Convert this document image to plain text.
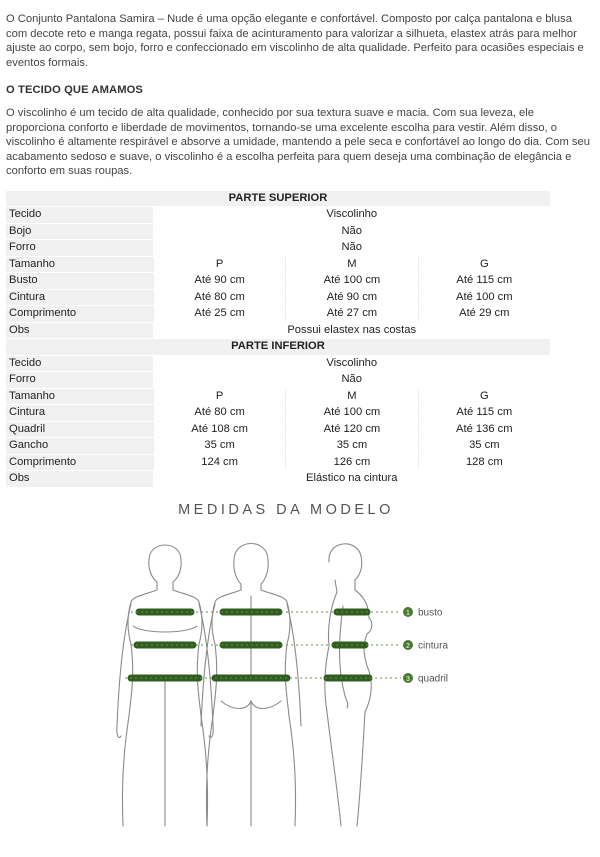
O Conjunto Pantalona Samira – Nude é uma opção elegante e confortável. Composto por calça pantalona e blusa com decote reto e manga regata, possui faixa de acinturamento para valorizar a silhueta, elastex atrás para melhor ajuste ao corpo, sem bojo, forro e confeccionado em viscolinho de alta qualidade. Perfeito para ocasiões especiais e eventos formais.

O TECIDO QUE AMAMOS

O viscolinho é um tecido de alta qualidade, conhecido por sua textura suave e macia. Com sua leveza, ele proporciona conforto e liberdade de movimentos, tornando-se uma excelente escolha para vestir. Além disso, o viscolinho é altamente respirável e absorve a umidade, mantendo a pele seca e confortável ao longo do dia. Com seu acabamento sedoso e suave, o viscolinho é a escolha perfeita para quem deseja uma combinação de elegância e conforto em suas roupas.

PARTE SUPERIOR			
Tecido	Viscolinho		
Bojo	Não		
Forro	Não		
Tamanho	P	M	G
Busto	Até 90 cm	Até 100 cm	Até 115 cm
Cintura	Até 80 cm	Até 90 cm	Até 100 cm
Comprimento	Até 25 cm	Até 27 cm	Até 29 cm
Obs	Possui elastex nas costas		
PARTE INFERIOR			
Tecido	Viscolinho		
Forro	Não		
Tamanho	P	M	G
Cintura	Até 80 cm	Até 100 cm	Até 115 cm
Quadril	Até 108 cm	Até 120 cm	Até 136 cm
Gancho	35 cm	35 cm	35 cm
Comprimento	124 cm	126 cm	128 cm
Obs	Elástico na cintura		
MEDIDAS DA MODELO
1 busto
2 cintura
3 quadril
